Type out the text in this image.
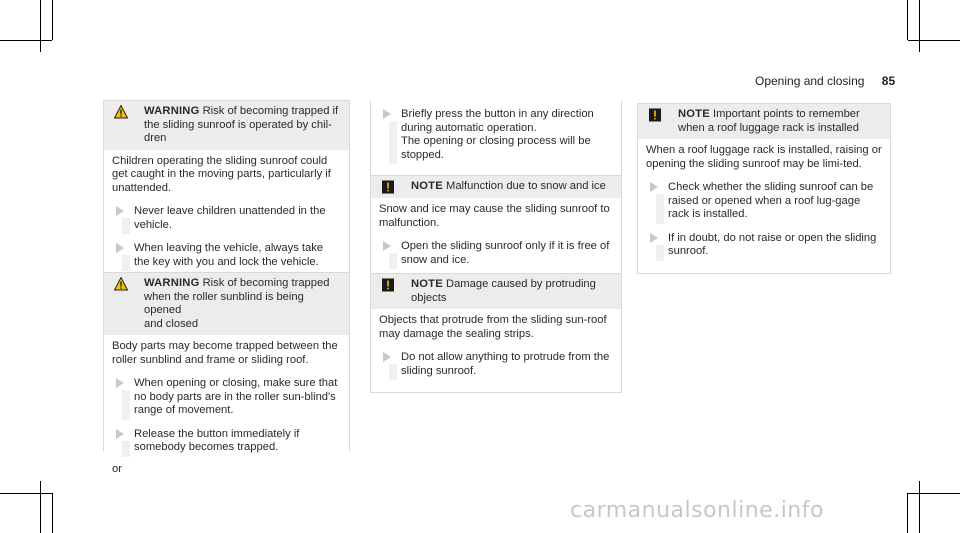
Opening and closing 85
WARNING Risk of becoming trapped if
the sliding sunroof is operated by chil-
dren

Children operating the sliding sunroof could get caught in the moving parts, particularly if unattended.

Never leave children unattended in the vehicle.
When leaving the vehicle, always take the key with you and lock the vehicle.
WARNING Risk of becoming trapped
when the roller sunblind is being opened
and closed

Body parts may become trapped between the roller sunblind and frame or sliding roof.

When opening or closing, make sure that no body parts are in the roller sun-blind's range of movement.
Release the button immediately if somebody becomes trapped.
or
Briefly press the button in any direction during automatic operation.
The opening or closing process will be stopped.
NOTE Malfunction due to snow and ice

Snow and ice may cause the sliding sunroof to malfunction.

Open the sliding sunroof only if it is free of snow and ice.
NOTE Damage caused by protruding
objects

Objects that protrude from the sliding sun-roof may damage the sealing strips.

Do not allow anything to protrude from the sliding sunroof.
NOTE Important points to remember
when a roof luggage rack is installed

When a roof luggage rack is installed, raising or opening the sliding sunroof may be limi-ted.

Check whether the sliding sunroof can be raised or opened when a roof lug-gage rack is installed.
If in doubt, do not raise or open the sliding sunroof.
carmanualsonline.info
